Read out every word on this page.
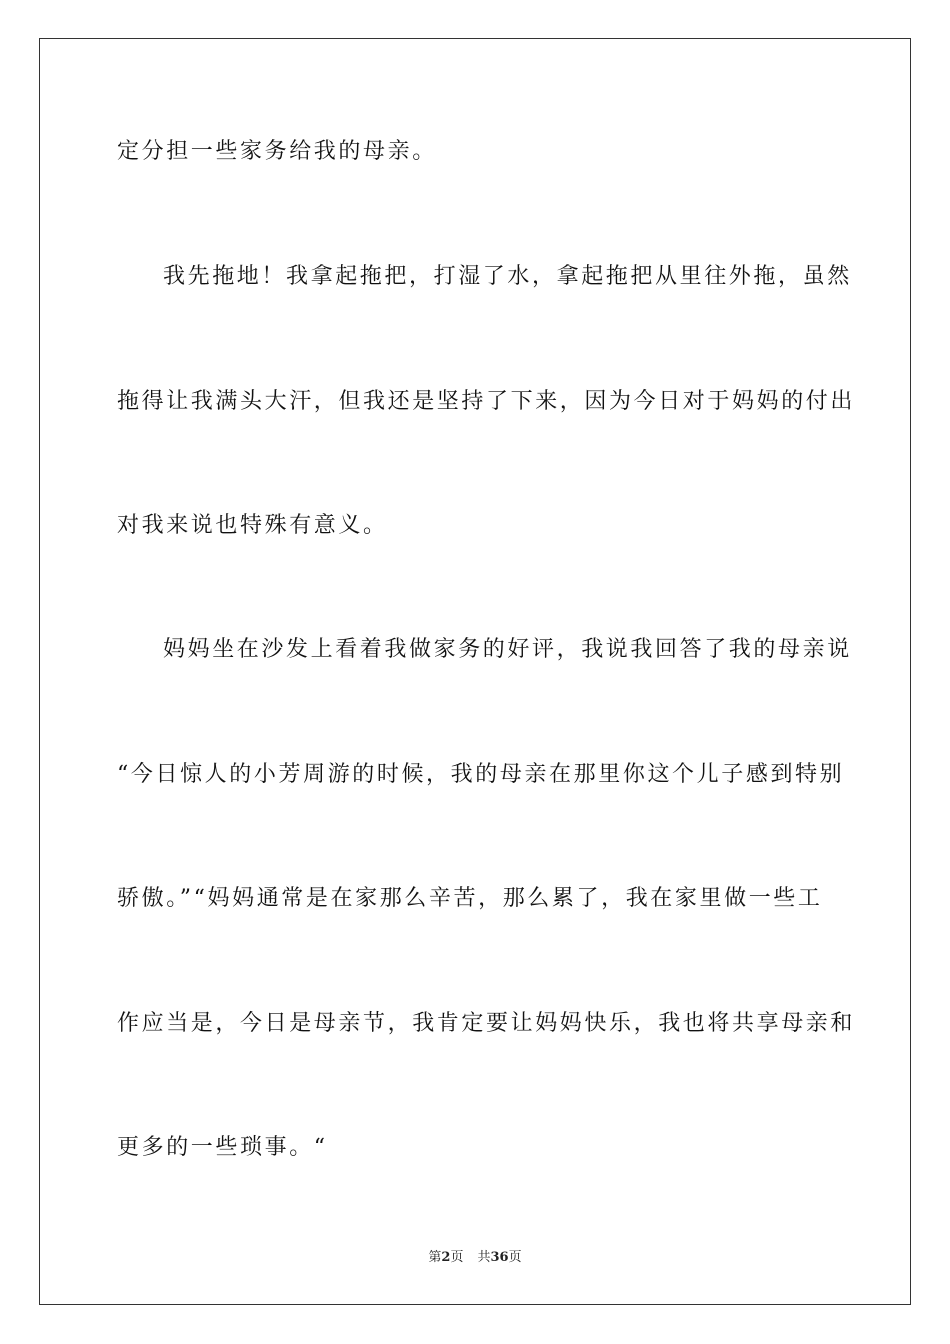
定分担一些家务给我的母亲。
我先拖地！我拿起拖把，打湿了水，拿起拖把从里往外拖，虽然
拖得让我满头大汗，但我还是坚持了下来，因为今日对于妈妈的付出
对我来说也特殊有意义。
妈妈坐在沙发上看着我做家务的好评，我说我回答了我的母亲说
“今日惊人的小芳周游的时候，我的母亲在那里你这个儿子感到特别
骄傲。”“妈妈通常是在家那么辛苦，那么累了，我在家里做一些工
作应当是，今日是母亲节，我肯定要让妈妈快乐，我也将共享母亲和
更多的一些琐事。“
第2页 共36页
